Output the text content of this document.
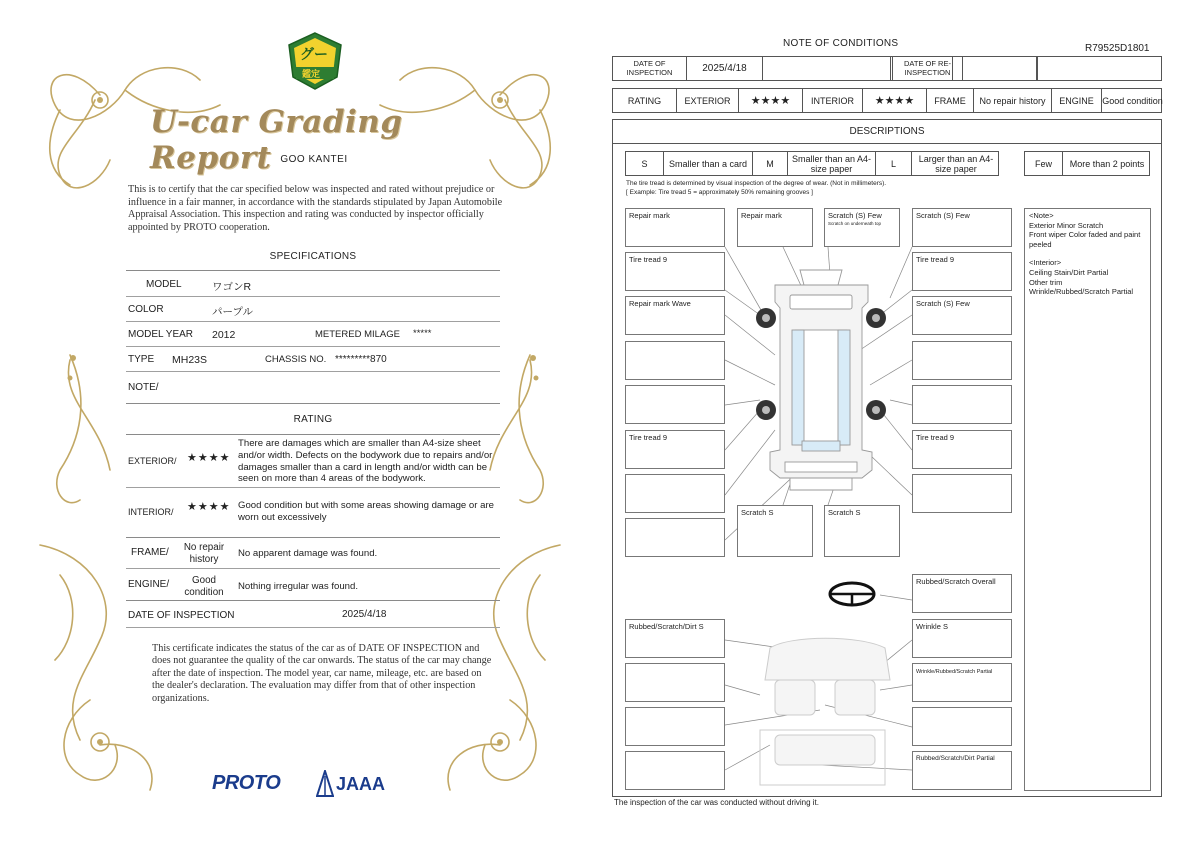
グー
鑑定
U-car Grading Report GOO KANTEI
This is to certify that the car specified below was inspected and rated without prejudice or influence in a fair manner, in accordance with the standards stipulated by Japan Automobile Appraisal Association. This inspection and rating was conducted by inspector officially appointed by PROTO cooperation.
SPECIFICATIONS
MODEL	ワゴンR
COLOR	パープル
MODEL YEAR 2012	METERED MILAGE *****
TYPE MH23S	CHASSIS NO. *********870
NOTE/
RATING
EXTERIOR/ ★★★★
There are damages which are smaller than A4-size sheet and/or width. Defects on the bodywork due to repairs and/or damages smaller than a card in length and/or width can be seen on more than 4 areas of the bodywork.
INTERIOR/ ★★★★ Good condition but with some areas showing damage or are worn out excessively
FRAME/	No repair history	No apparent damage was found.
ENGINE/	Good condition	Nothing irregular was found.
DATE OF INSPECTION	2025/4/18
This certificate indicates the status of the car as of DATE OF INSPECTION and does not guarantee the quality of the car onwards. The status of the car may change after the date of inspection. The model year, car name, mileage, etc. are based on the dealer's declaration. The evaluation may differ from that of other inspection organizations.
PROTO	JAAA
NOTE OF CONDITIONS	R79525D1801
DATE OF INSPECTION	2025/4/18	DATE OF RE-INSPECTION
RATING	EXTERIOR	★★★★	INTERIOR	★★★★	FRAME	No repair history	ENGINE Good condition
DESCRIPTIONS
S	Smaller than a card	M	Smaller than an A4-size paper	L	Larger than an A4-size paper	Few	More than 2 points
The tire tread is determined by visual inspection of the degree of wear. (Not in millimeters).
[ Example: Tire tread 5 = approximately 50% remaining grooves ]
Repair mark
Tire tread 9
Repair mark Wave
Tire tread 9
Repair mark	Scratch (S) Few
Scratch on underneath top
Scratch (S) Few
Tire tread 9
Scratch (S) Few
Tire tread 9
Scratch S	Scratch S
Rubbed/Scratch Overall
Rubbed/Scratch/Dirt S	Wrinkle S
Wrinkle/Rubbed/Scratch Partial
Rubbed/Scratch/Dirt Partial
<Note>
Exterior Minor Scratch
Front wiper Color faded and paint peeled
<Interior>
Ceiling Stain/Dirt Partial
Other trim
Wrinkle/Rubbed/Scratch Partial
The inspection of the car was conducted without driving it.
